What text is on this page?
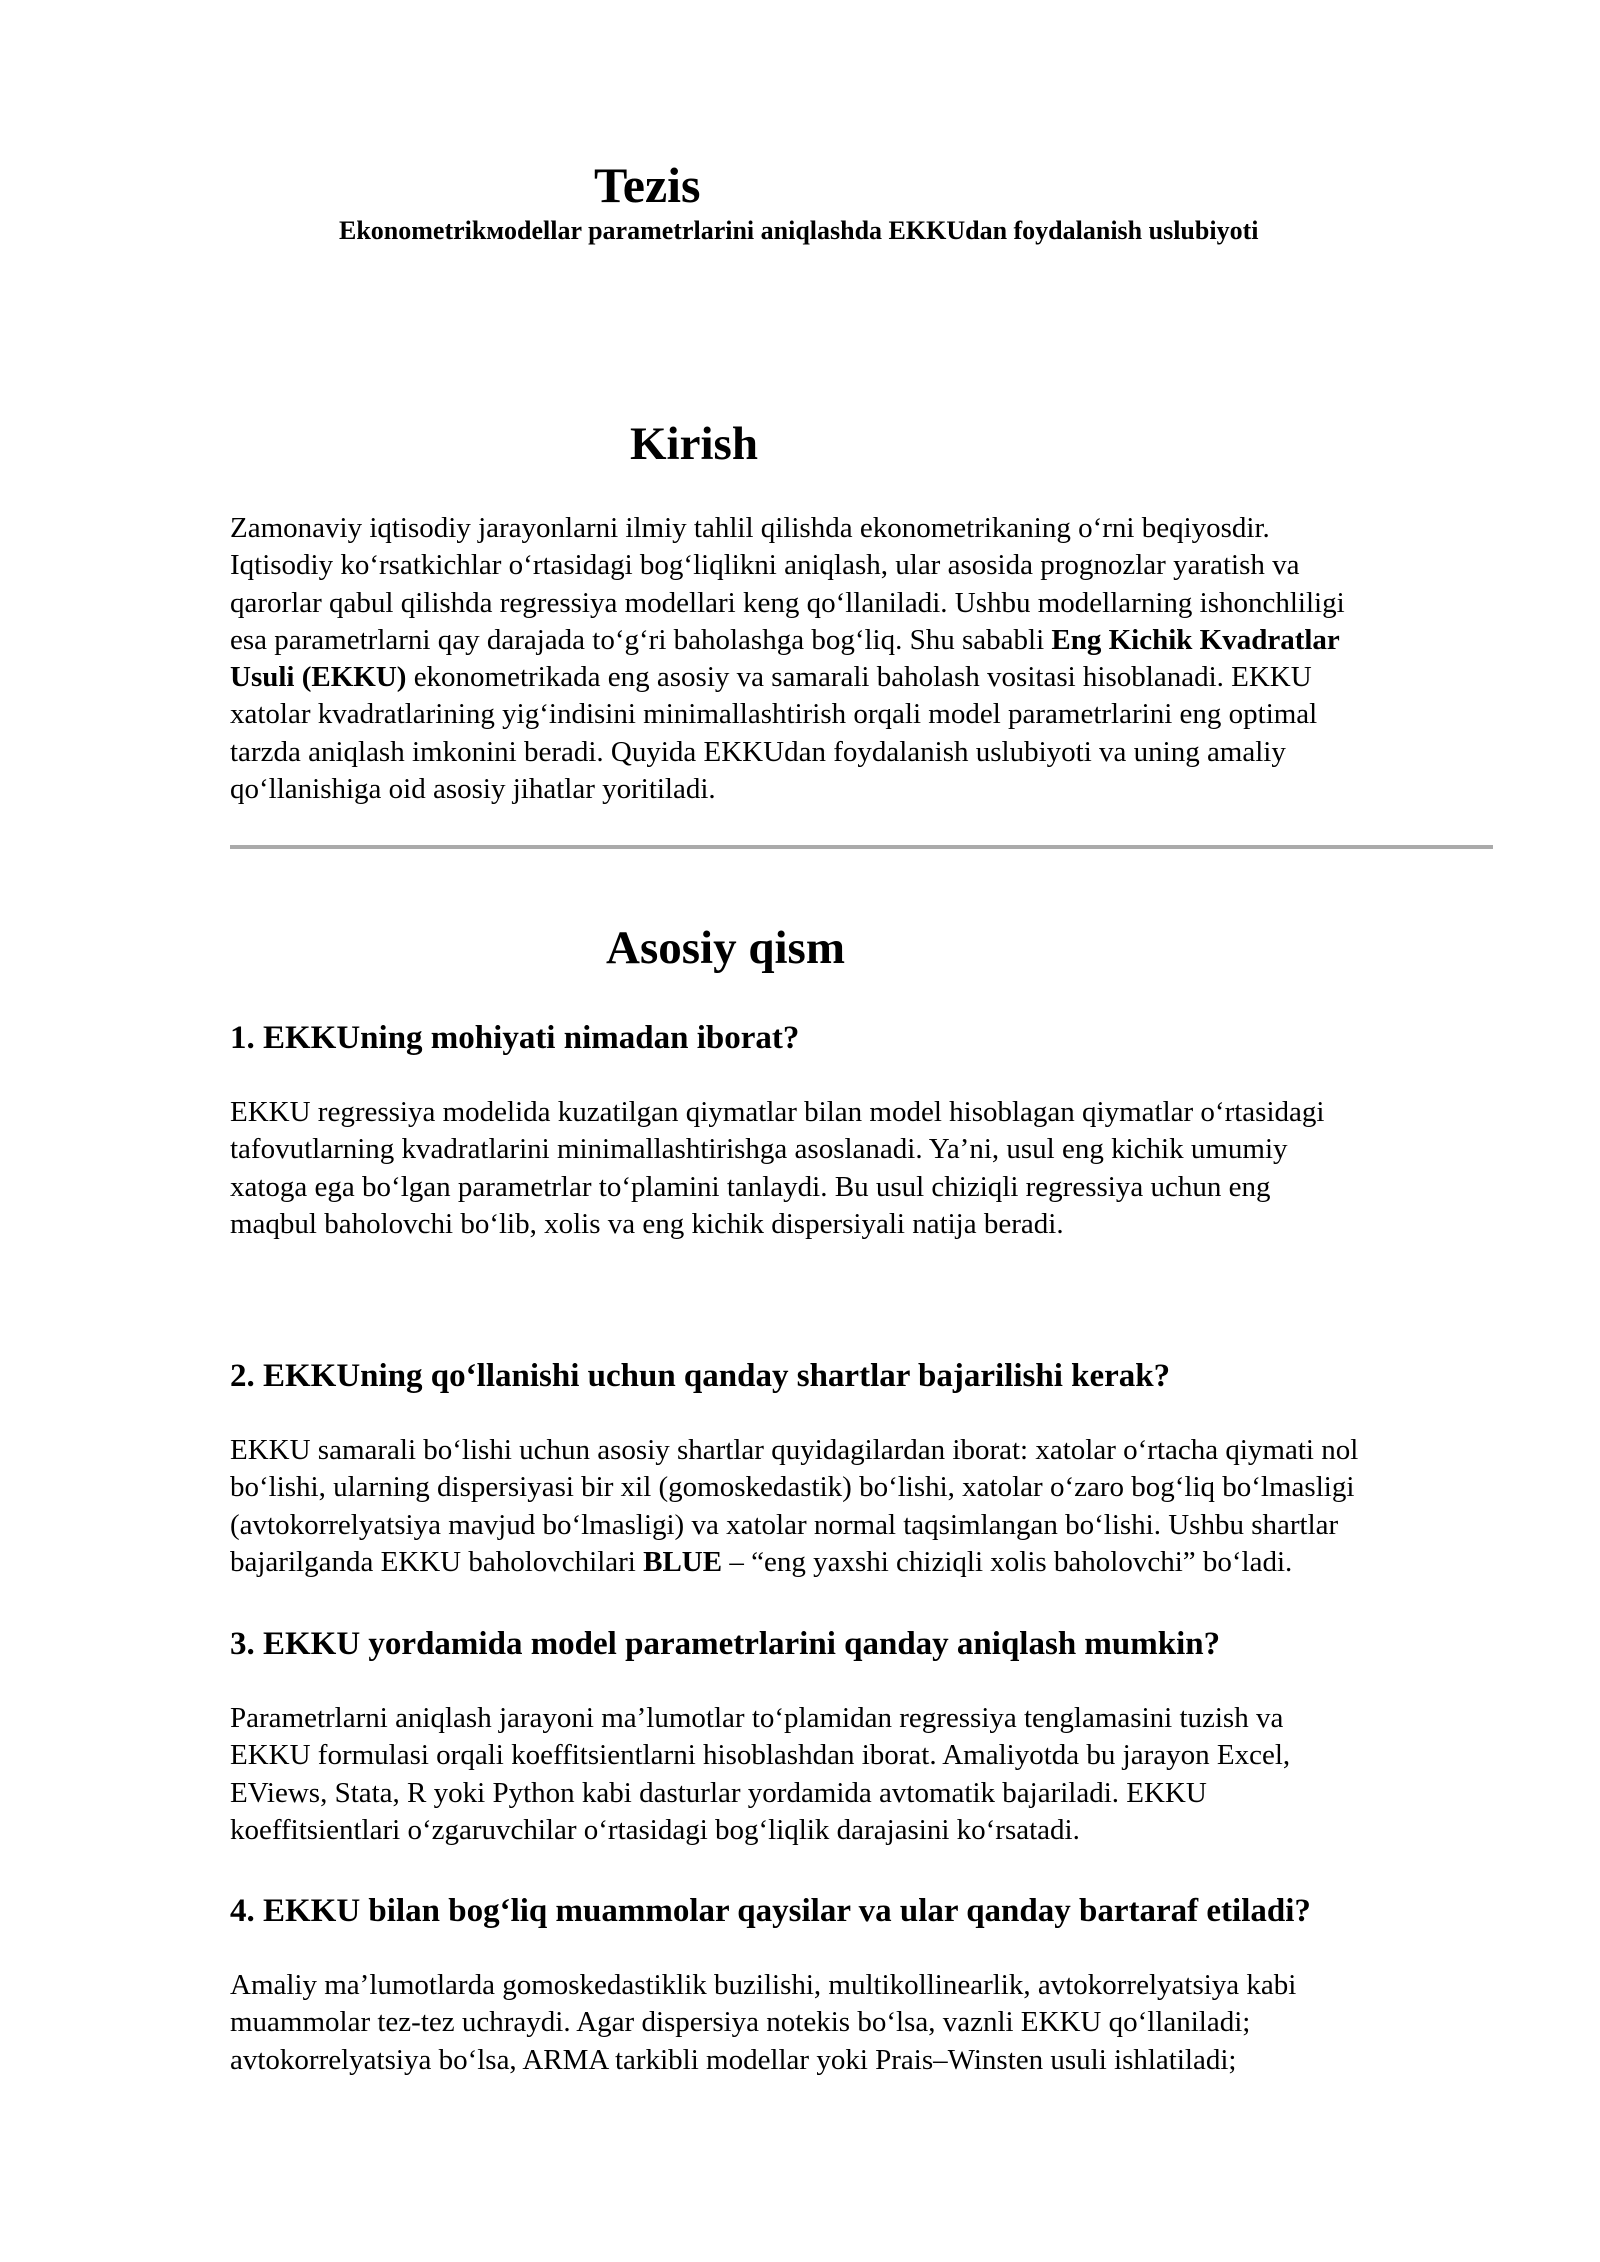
Tezis
Ekonometrikмodellar parametrlarini aniqlashda EKKUdan foydalanish uslubiyoti
Kirish
Zamonaviy iqtisodiy jarayonlarni ilmiy tahlil qilishda ekonometrikaning o‘rni beqiyosdir.
Iqtisodiy ko‘rsatkichlar o‘rtasidagi bog‘liqlikni aniqlash, ular asosida prognozlar yaratish va
qarorlar qabul qilishda regressiya modellari keng qo‘llaniladi. Ushbu modellarning ishonchliligi
esa parametrlarni qay darajada to‘g‘ri baholashga bog‘liq. Shu sababli Eng Kichik Kvadratlar
Usuli (EKKU) ekonometrikada eng asosiy va samarali baholash vositasi hisoblanadi. EKKU
xatolar kvadratlarining yig‘indisini minimallashtirish orqali model parametrlarini eng optimal
tarzda aniqlash imkonini beradi. Quyida EKKUdan foydalanish uslubiyoti va uning amaliy
qo‘llanishiga oid asosiy jihatlar yoritiladi.
Asosiy qism
1. EKKUning mohiyati nimadan iborat?
EKKU regressiya modelida kuzatilgan qiymatlar bilan model hisoblagan qiymatlar o‘rtasidagi
tafovutlarning kvadratlarini minimallashtirishga asoslanadi. Ya’ni, usul eng kichik umumiy
xatoga ega bo‘lgan parametrlar to‘plamini tanlaydi. Bu usul chiziqli regressiya uchun eng
maqbul baholovchi bo‘lib, xolis va eng kichik dispersiyali natija beradi.
2. EKKUning qo‘llanishi uchun qanday shartlar bajarilishi kerak?
EKKU samarali bo‘lishi uchun asosiy shartlar quyidagilardan iborat: xatolar o‘rtacha qiymati nol
bo‘lishi, ularning dispersiyasi bir xil (gomoskedastik) bo‘lishi, xatolar o‘zaro bog‘liq bo‘lmasligi
(avtokorrelyatsiya mavjud bo‘lmasligi) va xatolar normal taqsimlangan bo‘lishi. Ushbu shartlar
bajarilganda EKKU baholovchilari BLUE – “eng yaxshi chiziqli xolis baholovchi” bo‘ladi.
3. EKKU yordamida model parametrlarini qanday aniqlash mumkin?
Parametrlarni aniqlash jarayoni ma’lumotlar to‘plamidan regressiya tenglamasini tuzish va
EKKU formulasi orqali koeffitsientlarni hisoblashdan iborat. Amaliyotda bu jarayon Excel,
EViews, Stata, R yoki Python kabi dasturlar yordamida avtomatik bajariladi. EKKU
koeffitsientlari o‘zgaruvchilar o‘rtasidagi bog‘liqlik darajasini ko‘rsatadi.
4. EKKU bilan bog‘liq muammolar qaysilar va ular qanday bartaraf etiladi?
Amaliy ma’lumotlarda gomoskedastiklik buzilishi, multikollinearlik, avtokorrelyatsiya kabi
muammolar tez-tez uchraydi. Agar dispersiya notekis bo‘lsa, vaznli EKKU qo‘llaniladi;
avtokorrelyatsiya bo‘lsa, ARMA tarkibli modellar yoki Prais–Winsten usuli ishlatiladi;
